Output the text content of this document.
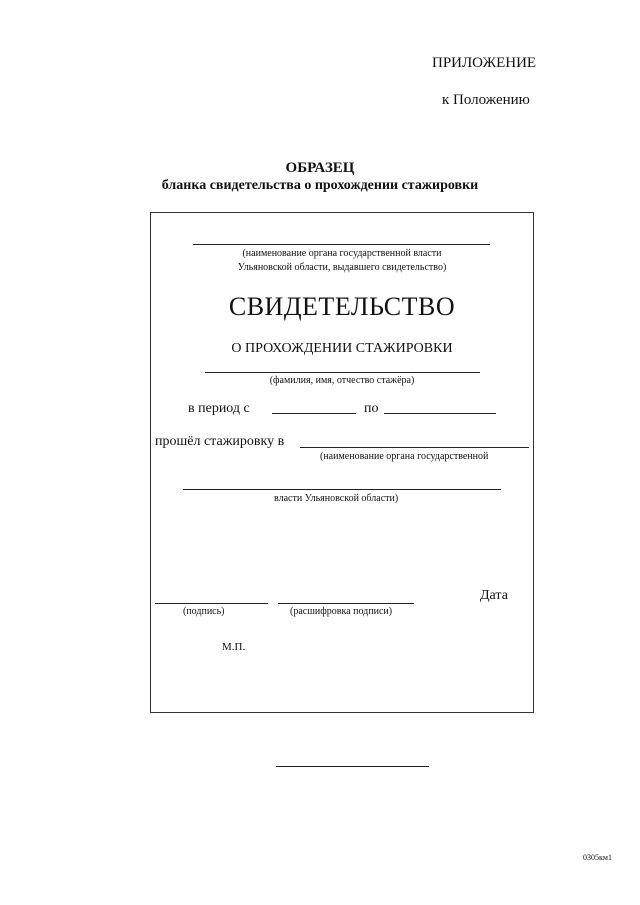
ПРИЛОЖЕНИЕ
к Положению
ОБРАЗЕЦ
бланка свидетельства о прохождении стажировки
(наименование органа государственной власти
Ульяновской области, выдавшего свидетельство)
СВИДЕТЕЛЬСТВО
О ПРОХОЖДЕНИИ СТАЖИРОВКИ
(фамилия, имя, отчество стажёра)
в период с	по
прошёл стажировку в
(наименование органа государственной
власти Ульяновской области)
(подпись)	(расшифровка подписи)
Дата
М.П.
0305км1
